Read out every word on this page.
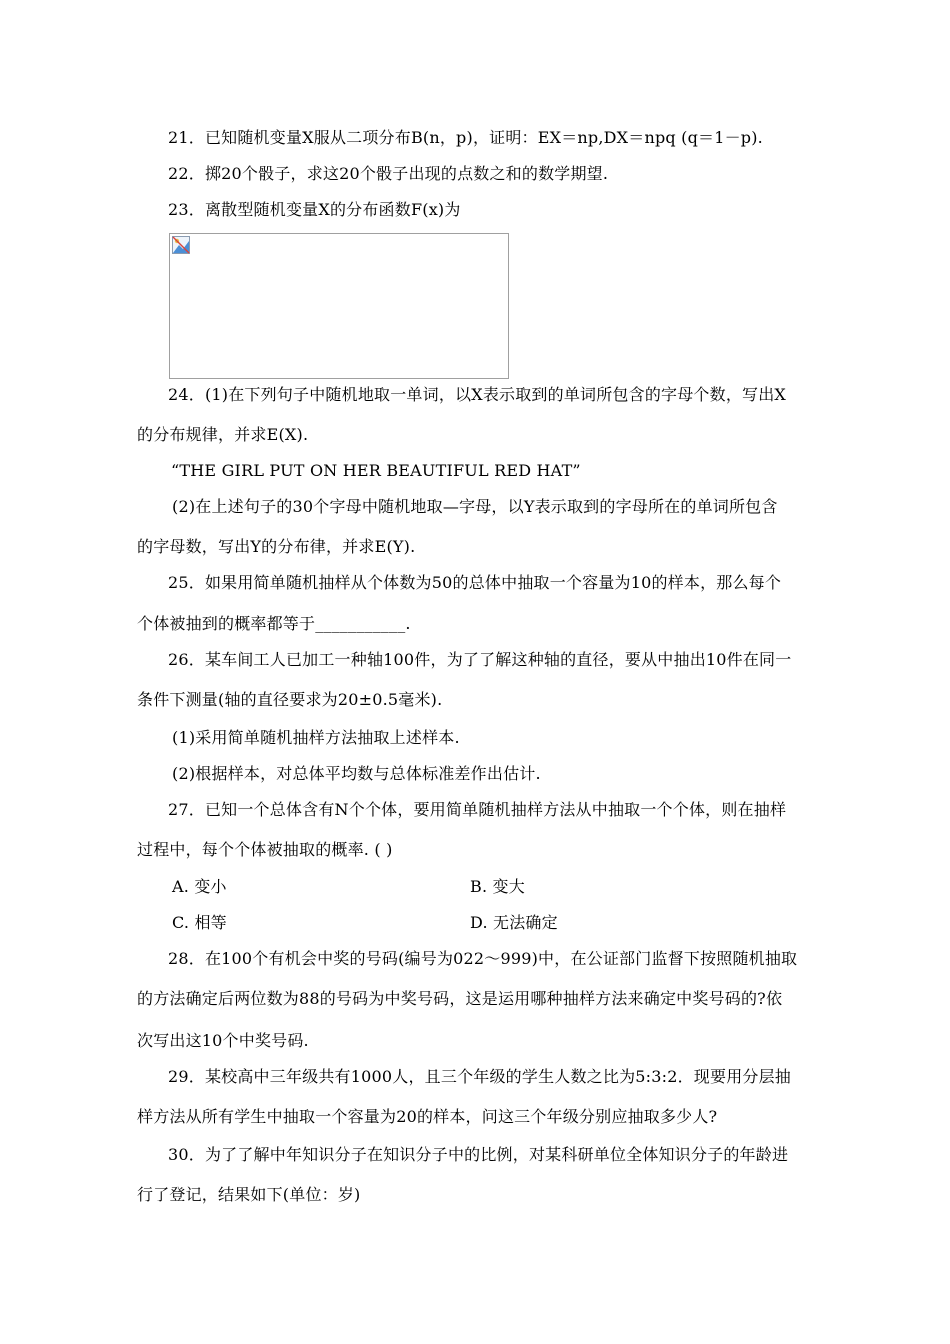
21．已知随机变量X服从二项分布B(n，p)，证明：EX＝np,DX＝npq (q＝1－p).
22．掷20个骰子，求这20个骰子出现的点数之和的数学期望.
23．离散型随机变量X的分布函数F(x)为
24．(1)在下列句子中随机地取一单词，以X表示取到的单词所包含的字母个数，写出X
的分布规律，并求E(X).
“THE GIRL PUT ON HER BEAUTIFUL RED HAT”
(2)在上述句子的30个字母中随机地取—字母，以Y表示取到的字母所在的单词所包含
的字母数，写出Y的分布律，并求E(Y).
25．如果用简单随机抽样从个体数为50的总体中抽取一个容量为10的样本，那么每个
个体被抽到的概率都等于___________.
26．某车间工人已加工一种轴100件，为了了解这种轴的直径，要从中抽出10件在同一
条件下测量(轴的直径要求为20±0.5毫米).
(1)采用简单随机抽样方法抽取上述样本.
(2)根据样本，对总体平均数与总体标准差作出估计.
27．已知一个总体含有N个个体，要用简单随机抽样方法从中抽取一个个体，则在抽样
过程中，每个个体被抽取的概率. ( )
A. 变小	B. 变大
C. 相等	D. 无法确定
28．在100个有机会中奖的号码(编号为022～999)中，在公证部门监督下按照随机抽取
的方法确定后两位数为88的号码为中奖号码，这是运用哪种抽样方法来确定中奖号码的?依
次写出这10个中奖号码.
29．某校高中三年级共有1000人，且三个年级的学生人数之比为5:3:2．现要用分层抽
样方法从所有学生中抽取一个容量为20的样本，问这三个年级分别应抽取多少人?
30．为了了解中年知识分子在知识分子中的比例，对某科研单位全体知识分子的年龄进
行了登记，结果如下(单位：岁)
